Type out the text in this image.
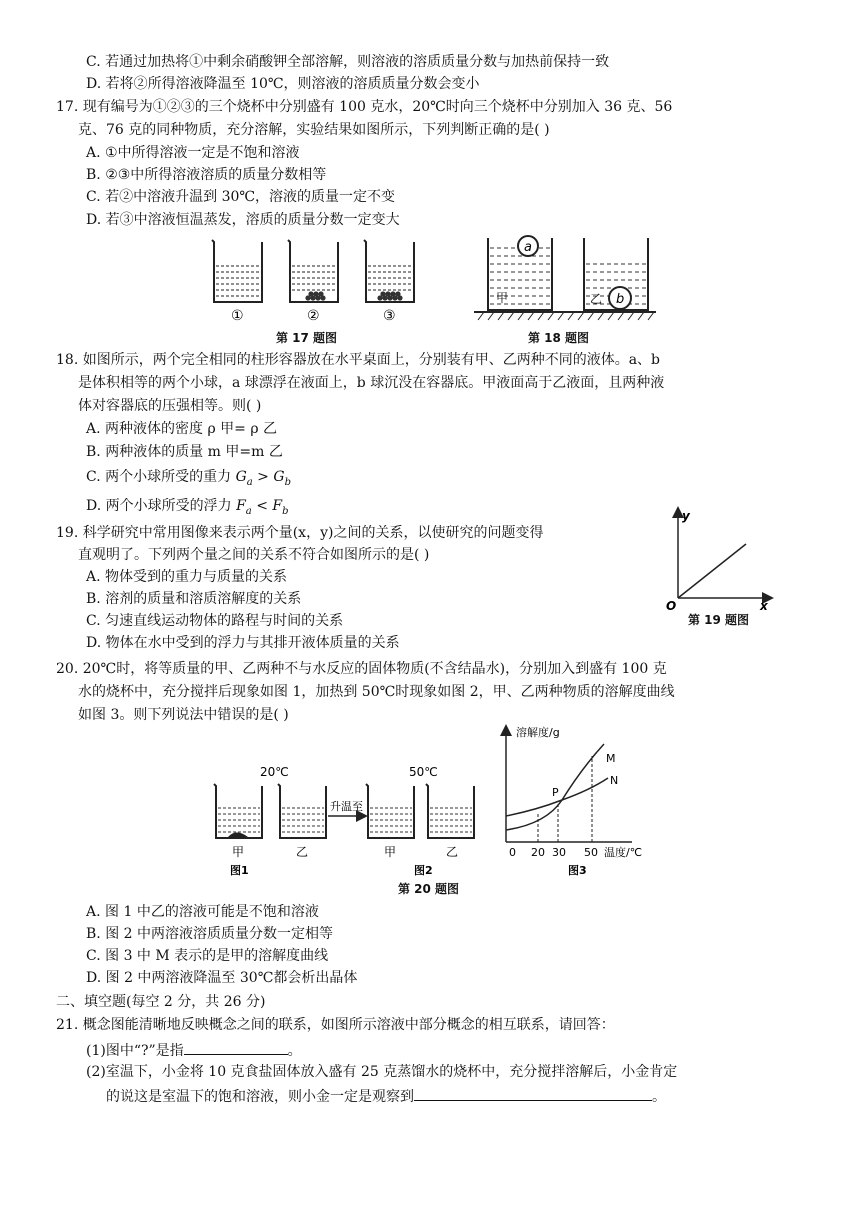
C. 若通过加热将①中剩余硝酸钾全部溶解，则溶液的溶质质量分数与加热前保持一致
D. 若将②所得溶液降温至 10℃，则溶液的溶质质量分数会变小
17. 现有编号为①②③的三个烧杯中分别盛有 100 克水，20℃时向三个烧杯中分别加入 36 克、56
克、76 克的同种物质，充分溶解，实验结果如图所示，下列判断正确的是( )
A. ①中所得溶液一定是不饱和溶液
B. ②③中所得溶液溶质的质量分数相等
C. 若②中溶液升温到 30℃，溶液的质量一定不变
D. 若③中溶液恒温蒸发，溶质的质量分数一定变大
①	②	③
第 17 题图
a
甲	b
乙
第 18 题图
18. 如图所示，两个完全相同的柱形容器放在水平桌面上，分别装有甲、乙两种不同的液体。a、b
是体积相等的两个小球，a 球漂浮在液面上，b 球沉没在容器底。甲液面高于乙液面，且两种液
体对容器底的压强相等。则( )
A. 两种液体的密度 ρ 甲= ρ 乙
B. 两种液体的质量 m 甲=m 乙
C. 两个小球所受的重力 $G_a > G_b$
D. 两个小球所受的浮力 $F_a < F_b$
19. 科学研究中常用图像来表示两个量(x，y)之间的关系，以使研究的问题变得
直观明了。下列两个量之间的关系不符合如图所示的是( )
A. 物体受到的重力与质量的关系
B. 溶剂的质量和溶质溶解度的关系
C. 匀速直线运动物体的路程与时间的关系
D. 物体在水中受到的浮力与其排开液体质量的关系
y
x
O
第 19 题图
20. 20℃时，将等质量的甲、乙两种不与水反应的固体物质(不含结晶水)，分别加入到盛有 100 克
水的烧杯中，充分搅拌后现象如图 1，加热到 50℃时现象如图 2，甲、乙两种物质的溶解度曲线
如图 3。则下列说法中错误的是( )
20℃	50℃
升温至
甲	乙	甲	乙
图1	图2
溶解度/g
M
N
P
0 20 30 50 温度/℃
图3
第 20 题图
A. 图 1 中乙的溶液可能是不饱和溶液
B. 图 2 中两溶液溶质质量分数一定相等
C. 图 3 中 M 表示的是甲的溶解度曲线
D. 图 2 中两溶液降温至 30℃都会析出晶体
二、填空题(每空 2 分，共 26 分)
21. 概念图能清晰地反映概念之间的联系，如图所示溶液中部分概念的相互联系，请回答：
(1)图中“?”是指	。
(2)室温下，小金将 10 克食盐固体放入盛有 25 克蒸馏水的烧杯中，充分搅拌溶解后，小金肯定
的说这是室温下的饱和溶液，则小金一定是观察到	。
